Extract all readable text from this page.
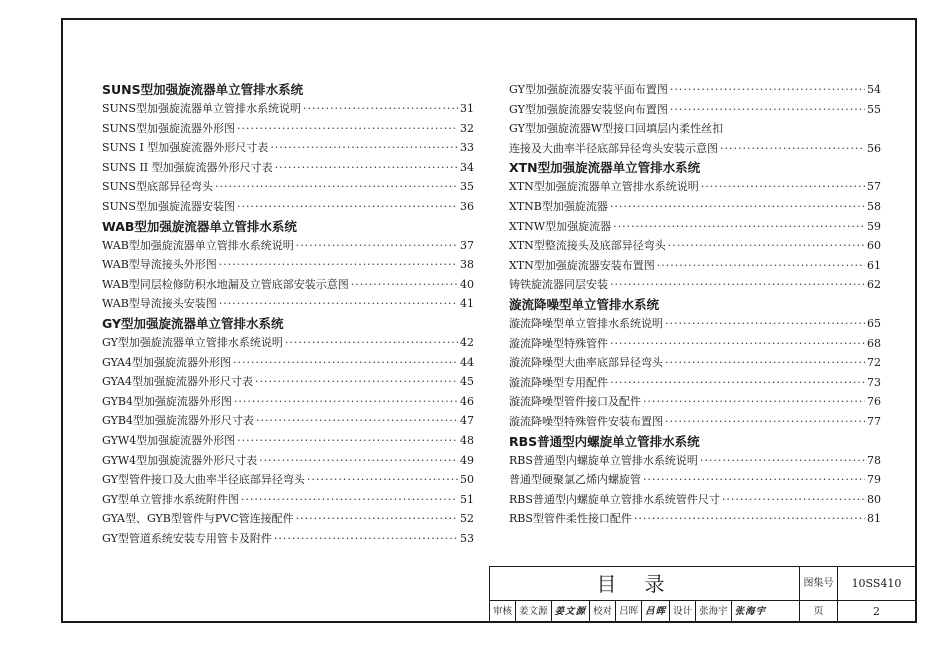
SUNS型加强旋流器单立管排水系统
SUNS型加强旋流器单立管排水系统说明 ·····	31
SUNS型加强旋流器外形图 ·····	32
SUNS I 型加强旋流器外形尺寸表 ·····	33
SUNS II 型加强旋流器外形尺寸表 ·····	34
SUNS型底部异径弯头 ·····	35
SUNS型加强旋流器安装图 ·····	36
WAB型加强旋流器单立管排水系统
WAB型加强旋流器单立管排水系统说明 ·····	37
WAB型导流接头外形图 ·····	38
WAB型同层检修防积水地漏及立管底部安装示意图 ·····	40
WAB型导流接头安装图 ·····	41
GY型加强旋流器单立管排水系统
GY型加强旋流器单立管排水系统说明 ·····	42
GYA4型加强旋流器外形图 ·····	44
GYA4型加强旋流器外形尺寸表 ·····	45
GYB4型加强旋流器外形图 ·····	46
GYB4型加强旋流器外形尺寸表 ·····	47
GYW4型加强旋流器外形图 ·····	48
GYW4型加强旋流器外形尺寸表 ·····	49
GY型管件接口及大曲率半径底部异径弯头 ·····	50
GY型单立管排水系统附件图 ·····	51
GYA型、GYB型管件与PVC管连接配件 ·····	52
GY型管道系统安装专用管卡及附件 ·····	53
GY型加强旋流器安装平面布置图 ·····	54
GY型加强旋流器安装竖向布置图 ·····	55
GY型加强旋流器W型接口回填层内柔性丝扣
连接及大曲率半径底部异径弯头安装示意图 ·····	56
XTN型加强旋流器单立管排水系统
XTN型加强旋流器单立管排水系统说明 ·····	57
XTNB型加强旋流器 ·····	58
XTNW型加强旋流器 ·····	59
XTN型整流接头及底部异径弯头 ·····	60
XTN型加强旋流器安装布置图 ·····	61
铸铁旋流器同层安装 ·····	62
漩流降噪型单立管排水系统
漩流降噪型单立管排水系统说明 ·····	65
漩流降噪型特殊管件 ·····	68
漩流降噪型大曲率底部异径弯头 ·····	72
漩流降噪型专用配件 ·····	73
漩流降噪型管件接口及配件 ·····	76
漩流降噪型特殊管件安装布置图 ·····	77
RBS普通型内螺旋单立管排水系统
RBS普通型内螺旋单立管排水系统说明 ·····	78
普通型硬聚氯乙烯内螺旋管 ·····	79
RBS普通型内螺旋单立管排水系统管件尺寸 ·····	80
RBS型管件柔性接口配件 ·····	81
目录	图集号	10SS410
页	2
审核 姜文源 姜文源 校对 吕晖 吕晖 设计 张海宇 张海宇
